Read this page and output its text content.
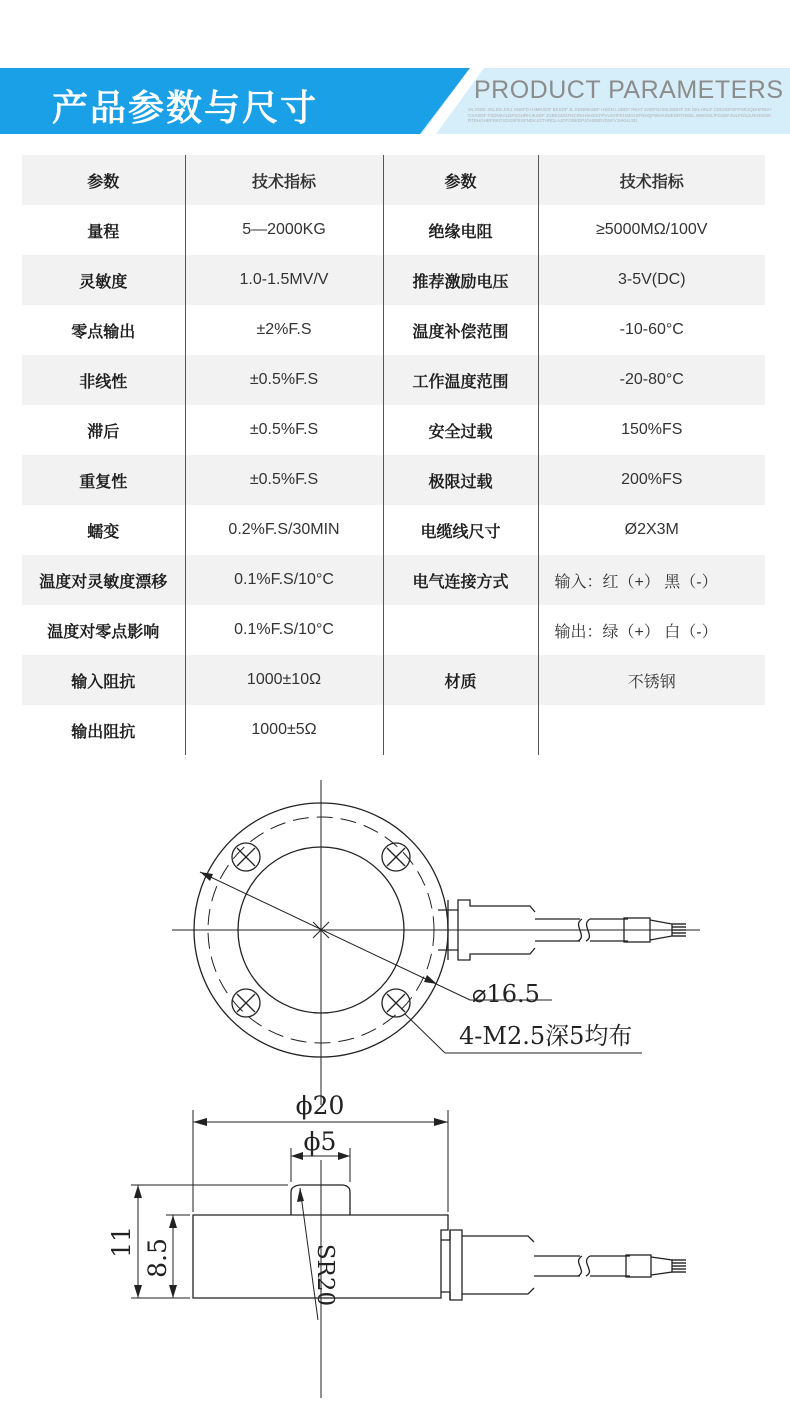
产品参数与尺寸	PRODUCT PARAMETERS
OL INGE JGLDS JIGJ SNSFD HJMKSDF BKSDF JL SDNMKSDF HSDN LSDDF RKAT SADFGHSKJSDHF DK DKLHKLF CDKSDFDFPSEJQDHFDKH CSASDF FSDNKALDFSGHRHJKSDF JGBKSDGFNCRKHSHDKFPVUSHFEHSEGSFNHQFWHASDESRTHSDL WNKDKJFGSDFJULFGSJLRHDGSKRTEHGHEFRKOSDGSFESFNDKJOTHRDLAJGFGBKDPJGHBBRJDSFVJHKHLSD
参数	技术指标	参数	技术指标
量程	5—2000KG	绝缘电阻	≥5000MΩ/100V
灵敏度	1.0-1.5MV/V	推荐激励电压	3-5V(DC)
零点输出	±2%F.S	温度补偿范围	-10-60°C
非线性	±0.5%F.S	工作温度范围	-20-80°C
滞后	±0.5%F.S	安全过载	150%FS
重复性	±0.5%F.S	极限过载	200%FS
蠕变	0.2%F.S/30MIN	电缆线尺寸	Ø2X3M
温度对灵敏度漂移	0.1%F.S/10°C	电气连接方式	输入：红（+） 黑（-）
温度对零点影响	0.1%F.S/10°C		输出：绿（+） 白（-）
输入阻抗	1000±10Ω	材质	不锈钢
输出阻抗	1000±5Ω		
⌀16.5
4-M2.5深5均布
ϕ20
ϕ5
11 8.5	SR20
